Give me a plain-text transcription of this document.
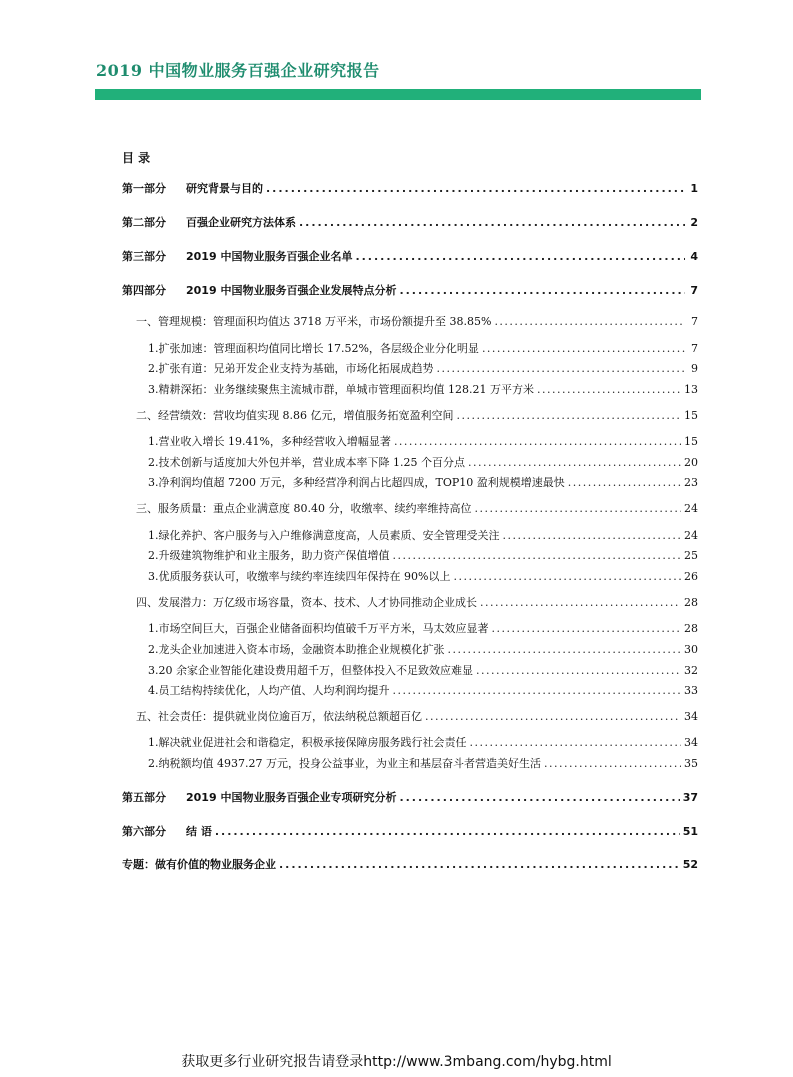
2019 中国物业服务百强企业研究报告
目 录
第一部分 研究背景与目的 .....	1
第二部分 百强企业研究方法体系 .....	2
第三部分 2019 中国物业服务百强企业名单 .....	4
第四部分 2019 中国物业服务百强企业发展特点分析 .....	7
一、管理规模：管理面积均值达 3718 万平米，市场份额提升至 38.85% .....	7
1.扩张加速：管理面积均值同比增长 17.52%，各层级企业分化明显 .....	7
2.扩张有道：兄弟开发企业支持为基础，市场化拓展成趋势 .....	9
3.精耕深拓：业务继续聚焦主流城市群，单城市管理面积均值 128.21 万平方米 .....	13
二、经营绩效：营收均值实现 8.86 亿元，增值服务拓宽盈利空间 .....	15
1.营业收入增长 19.41%，多种经营收入增幅显著 .....	15
2.技术创新与适度加大外包并举，营业成本率下降 1.25 个百分点 .....	20
3.净利润均值超 7200 万元，多种经营净利润占比超四成，TOP10 盈利规模增速最快 .....	23
三、服务质量：重点企业满意度 80.40 分，收缴率、续约率维持高位 .....	24
1.绿化养护、客户服务与入户维修满意度高，人员素质、安全管理受关注 .....	24
2.升级建筑物维护和业主服务，助力资产保值增值 .....	25
3.优质服务获认可，收缴率与续约率连续四年保持在 90%以上 .....	26
四、发展潜力：万亿级市场容量，资本、技术、人才协同推动企业成长 .....	28
1.市场空间巨大，百强企业储备面积均值破千万平方米，马太效应显著 .....	28
2.龙头企业加速进入资本市场，金融资本助推企业规模化扩张 .....	30
3.20 余家企业智能化建设费用超千万，但整体投入不足致效应难显 .....	32
4.员工结构持续优化，人均产值、人均利润均提升 .....	33
五、社会责任：提供就业岗位逾百万，依法纳税总额超百亿 .....	34
1.解决就业促进社会和谐稳定，积极承接保障房服务践行社会责任 .....	34
2.纳税额均值 4937.27 万元，投身公益事业，为业主和基层奋斗者营造美好生活 .....	35
第五部分 2019 中国物业服务百强企业专项研究分析 .....	37
第六部分 结 语 .....	51
专题：做有价值的物业服务企业 .....	52
获取更多行业研究报告请登录http://www.3mbang.com/hybg.html
